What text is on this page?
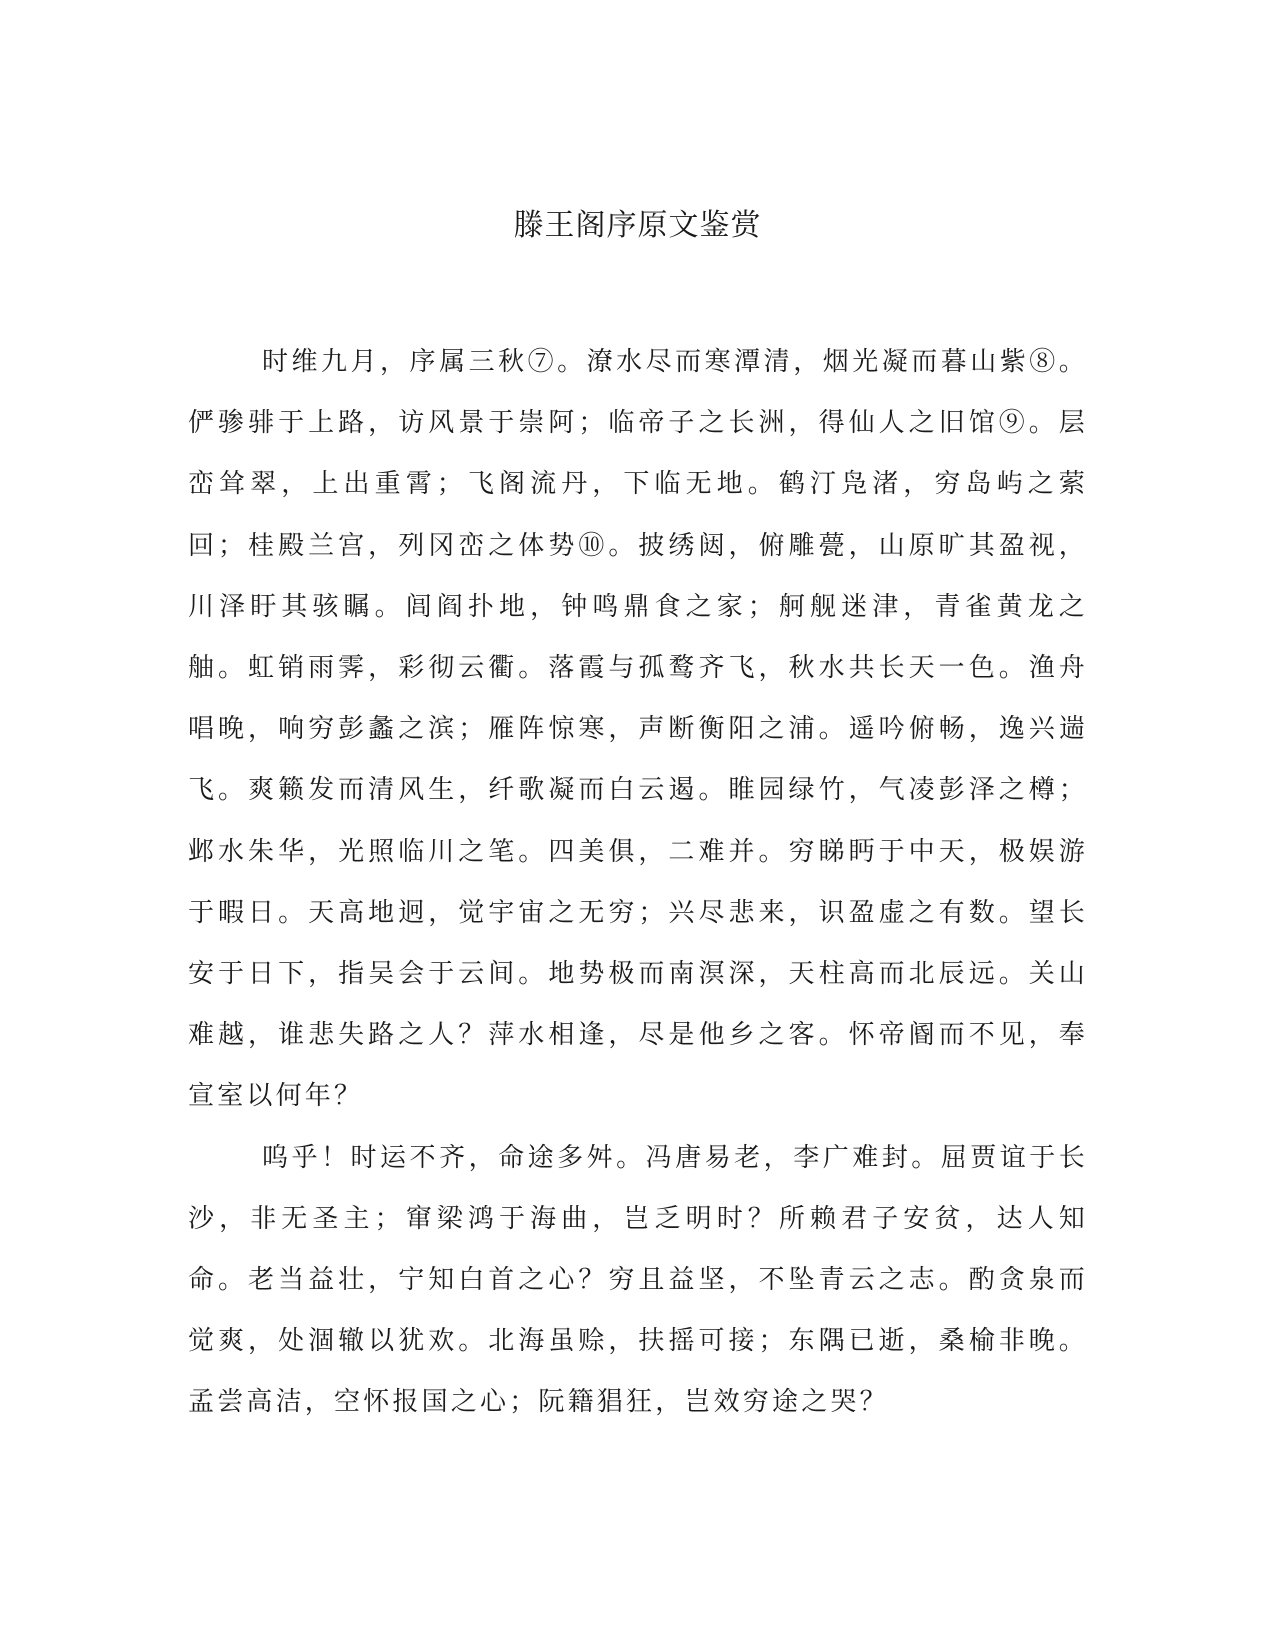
滕王阁序原文鉴赏

时维九月，序属三秋⑦。潦水尽而寒潭清，烟光凝而暮山紫⑧。俨骖𬴂于上路，访风景于崇阿；临帝子之长洲，得仙人之旧馆⑨。层峦耸翠，上出重霄；飞阁流丹，下临无地。鹤汀凫渚，穷岛屿之萦回；桂殿兰宫，列冈峦之体势⑩。披绣闼，俯雕甍，山原旷其盈视，川泽盱其骇瞩。闾阎扑地，钟鸣鼎食之家；舸舰迷津，青雀黄龙之舳。虹销雨霁，彩彻云衢。落霞与孤鹜齐飞，秋水共长天一色。渔舟唱晚，响穷彭蠡之滨；雁阵惊寒，声断衡阳之浦。遥吟俯畅，逸兴遄飞。爽籁发而清风生，纤歌凝而白云遏。睢园绿竹，气凌彭泽之樽；邺水朱华，光照临川之笔。四美俱，二难并。穷睇眄于中天，极娱游于暇日。天高地迥，觉宇宙之无穷；兴尽悲来，识盈虚之有数。望长安于日下，指吴会于云间。地势极而南溟深，天柱高而北辰远。关山难越，谁悲失路之人？萍水相逢，尽是他乡之客。怀帝阍而不见，奉宣室以何年？

呜乎！时运不齐，命途多舛。冯唐易老，李广难封。屈贾谊于长沙，非无圣主；窜梁鸿于海曲，岂乏明时？所赖君子安贫，达人知命。老当益壮，宁知白首之心？穷且益坚，不坠青云之志。酌贪泉而觉爽，处涸辙以犹欢。北海虽赊，扶摇可接；东隅已逝，桑榆非晚。孟尝高洁，空怀报国之心；阮籍猖狂，岂效穷途之哭？
